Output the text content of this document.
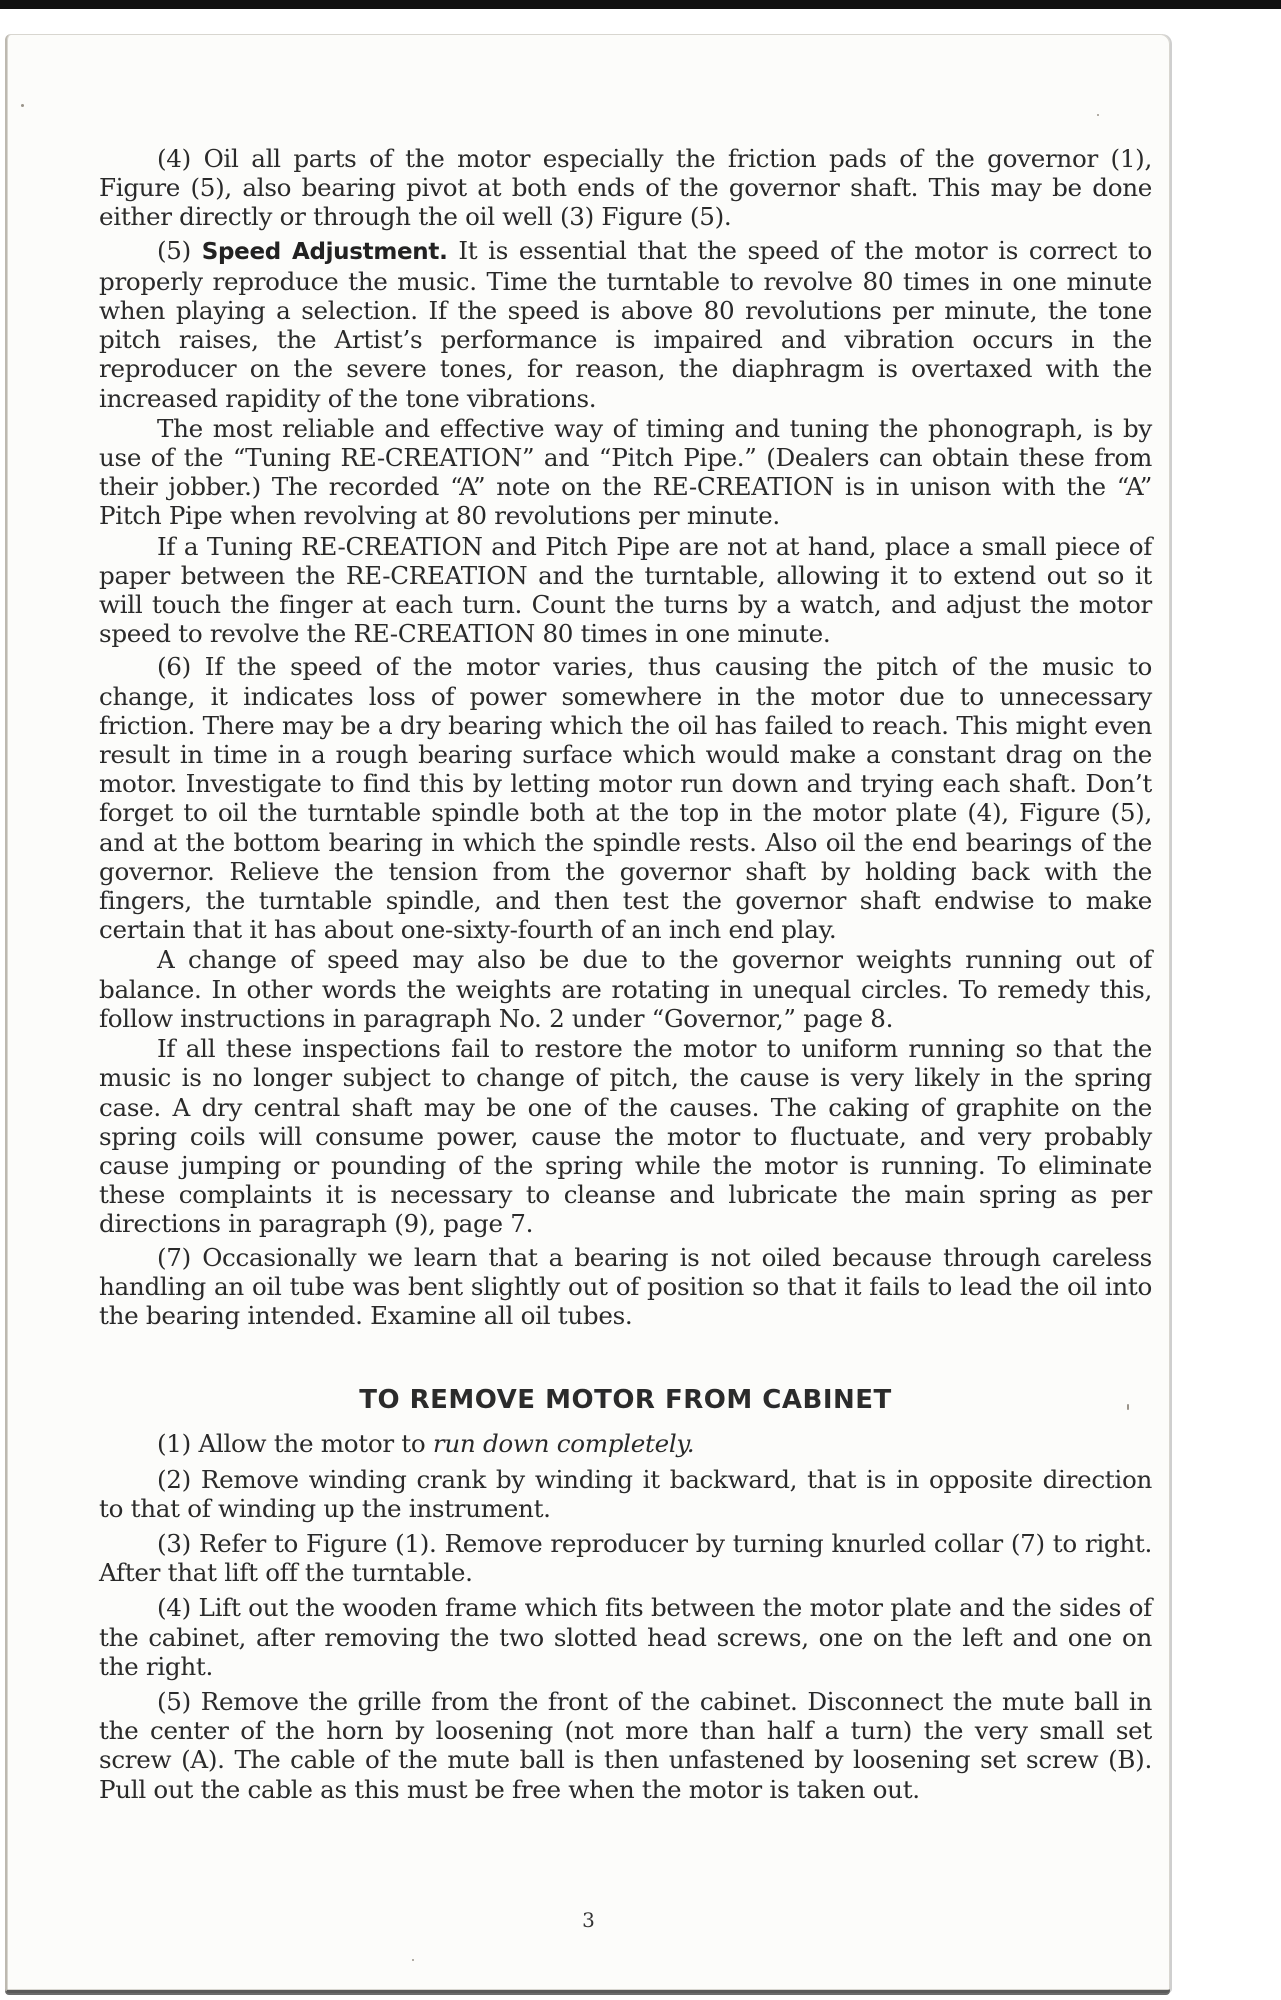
(4) Oil all parts of the motor especially the friction pads of the governor (1), Figure (5), also bearing pivot at both ends of the governor shaft. This may be done either directly or through the oil well (3) Figure (5).

(5) Speed Adjustment. It is essential that the speed of the motor is correct to properly reproduce the music. Time the turntable to revolve 80 times in one minute when playing a selection. If the speed is above 80 revolutions per minute, the tone pitch raises, the Artist’s performance is impaired and vibration occurs in the reproducer on the severe tones, for reason, the diaphragm is overtaxed with the increased rapidity of the tone vibrations.

The most reliable and effective way of timing and tuning the phonograph, is by use of the “Tuning RE-CREATION” and “Pitch Pipe.” (Dealers can obtain these from their jobber.) The recorded “A” note on the RE-CREATION is in unison with the “A” Pitch Pipe when revolving at 80 revolutions per minute.

If a Tuning RE-CREATION and Pitch Pipe are not at hand, place a small piece of paper between the RE-CREATION and the turntable, allowing it to extend out so it will touch the finger at each turn. Count the turns by a watch, and adjust the motor speed to revolve the RE-CREATION 80 times in one minute.

(6) If the speed of the motor varies, thus causing the pitch of the music to change, it indicates loss of power somewhere in the motor due to unnecessary friction. There may be a dry bearing which the oil has failed to reach. This might even result in time in a rough bearing surface which would make a constant drag on the motor. Investigate to find this by letting motor run down and trying each shaft. Don’t forget to oil the turntable spindle both at the top in the motor plate (4), Figure (5), and at the bottom bearing in which the spindle rests. Also oil the end bearings of the governor. Relieve the tension from the governor shaft by holding back with the fingers, the turntable spindle, and then test the governor shaft endwise to make certain that it has about one-sixty-fourth of an inch end play.

A change of speed may also be due to the governor weights running out of balance. In other words the weights are rotating in unequal circles. To remedy this, follow instructions in paragraph No. 2 under “Governor,” page 8.

If all these inspections fail to restore the motor to uniform running so that the music is no longer subject to change of pitch, the cause is very likely in the spring case. A dry central shaft may be one of the causes. The caking of graphite on the spring coils will consume power, cause the motor to fluctuate, and very probably cause jumping or pounding of the spring while the motor is running. To eliminate these complaints it is necessary to cleanse and lubricate the main spring as per directions in paragraph (9), page 7.

(7) Occasionally we learn that a bearing is not oiled because through careless handling an oil tube was bent slightly out of position so that it fails to lead the oil into the bearing intended. Examine all oil tubes.

TO REMOVE MOTOR FROM CABINET

(1) Allow the motor to run down completely.

(2) Remove winding crank by winding it backward, that is in opposite direction to that of winding up the instrument.

(3) Refer to Figure (1). Remove reproducer by turning knurled collar (7) to right. After that lift off the turntable.

(4) Lift out the wooden frame which fits between the motor plate and the sides of the cabinet, after removing the two slotted head screws, one on the left and one on the right.

(5) Remove the grille from the front of the cabinet. Disconnect the mute ball in the center of the horn by loosening (not more than half a turn) the very small set screw (A). The cable of the mute ball is then unfastened by loosening set screw (B). Pull out the cable as this must be free when the motor is taken out.

3
